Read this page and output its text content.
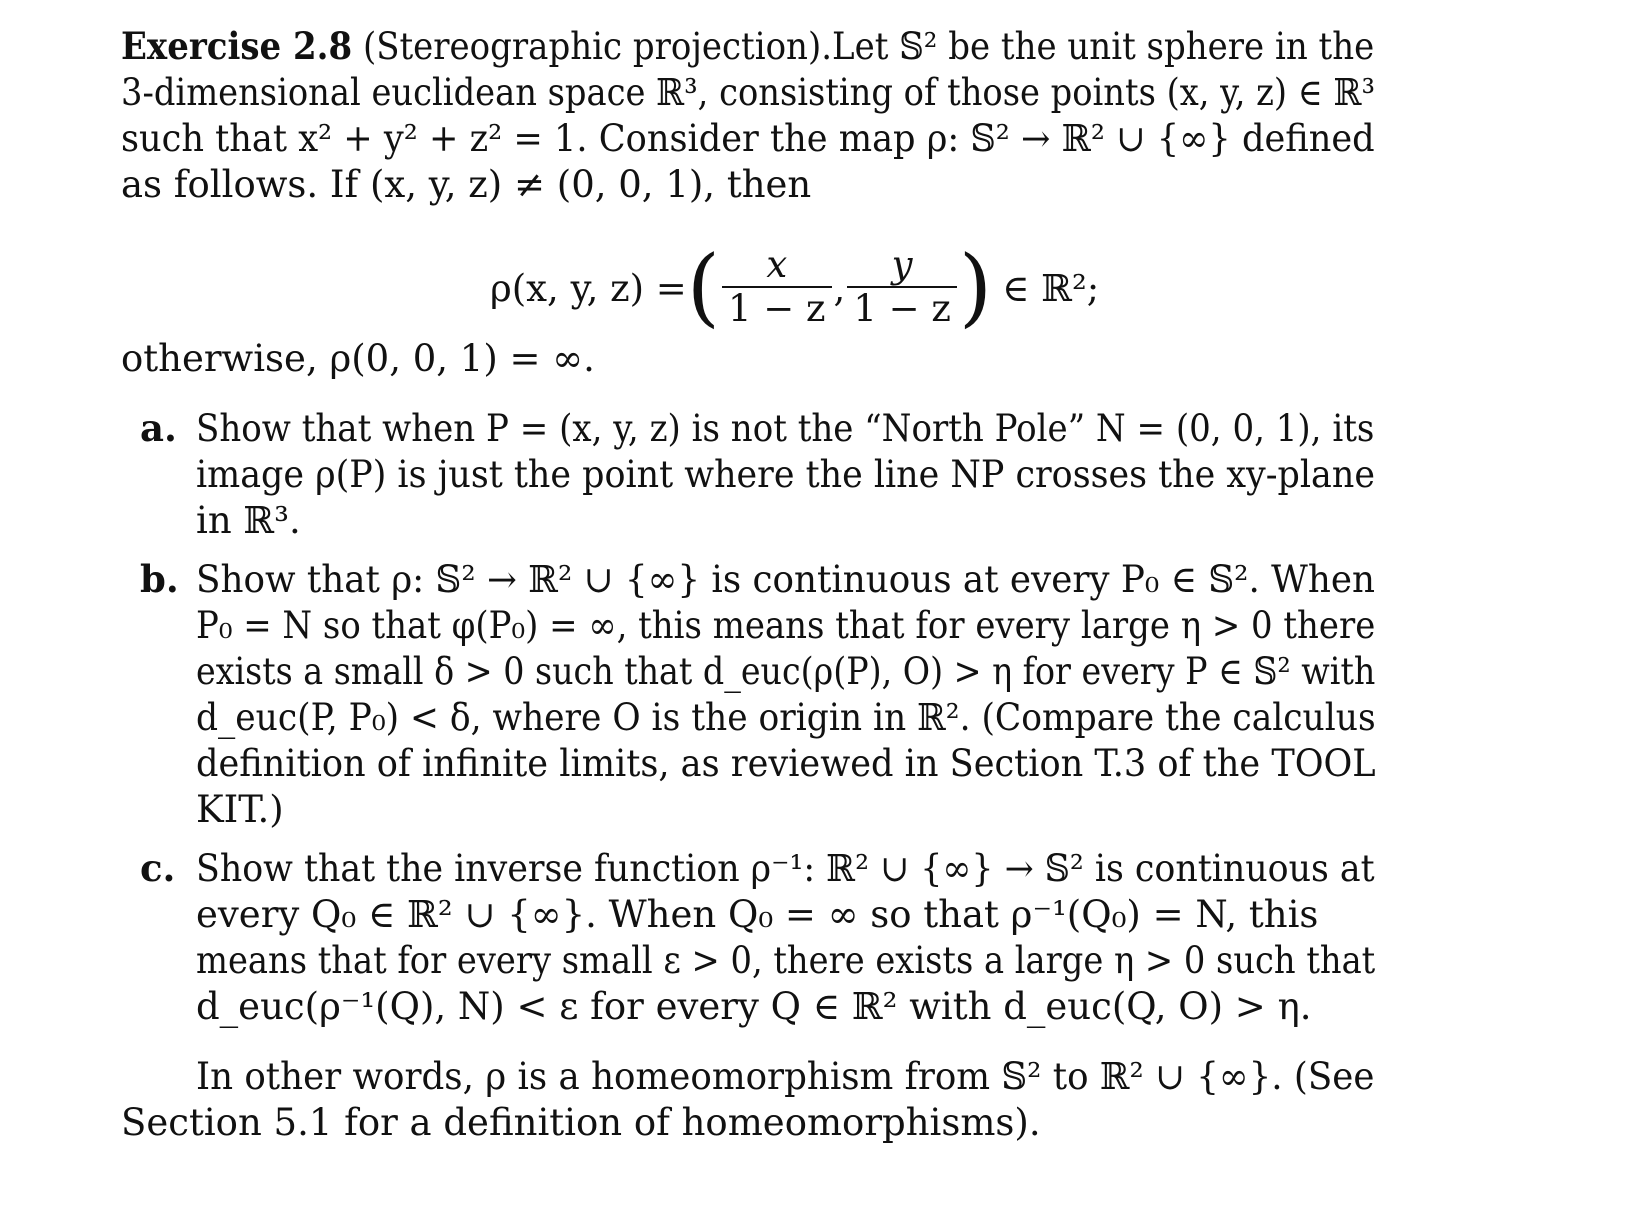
Exercise 2.8 (Stereographic projection). Let 𝕊² be the unit sphere in the
3-dimensional euclidean space ℝ³, consisting of those points (x, y, z) ∈ ℝ³
such that x² + y² + z² = 1. Consider the map ρ: 𝕊² → ℝ² ∪ {∞} defined
as follows. If (x, y, z) ≠ (0, 0, 1), then
ρ(x, y, z) = ( $\frac{x}{1 - z}$ , $\frac{y}{1 - z}$ ) ∈ ℝ²;
otherwise, ρ(0, 0, 1) = ∞.
a. Show that when P = (x, y, z) is not the “North Pole” N = (0, 0, 1), its
image ρ(P) is just the point where the line NP crosses the xy-plane
in ℝ³.
b. Show that ρ: 𝕊² → ℝ² ∪ {∞} is continuous at every P₀ ∈ 𝕊². When
P₀ = N so that φ(P₀) = ∞, this means that for every large η > 0 there
exists a small δ > 0 such that d_euc(ρ(P), O) > η for every P ∈ 𝕊² with
d_euc(P, P₀) < δ, where O is the origin in ℝ². (Compare the calculus
definition of infinite limits, as reviewed in Section T.3 of the TOOL
KIT.)
c. Show that the inverse function ρ⁻¹: ℝ² ∪ {∞} → 𝕊² is continuous at
every Q₀ ∈ ℝ² ∪ {∞}. When Q₀ = ∞ so that ρ⁻¹(Q₀) = N, this
means that for every small ε > 0, there exists a large η > 0 such that
d_euc(ρ⁻¹(Q), N) < ε for every Q ∈ ℝ² with d_euc(Q, O) > η.
In other words, ρ is a homeomorphism from 𝕊² to ℝ² ∪ {∞}. (See
Section 5.1 for a definition of homeomorphisms).
